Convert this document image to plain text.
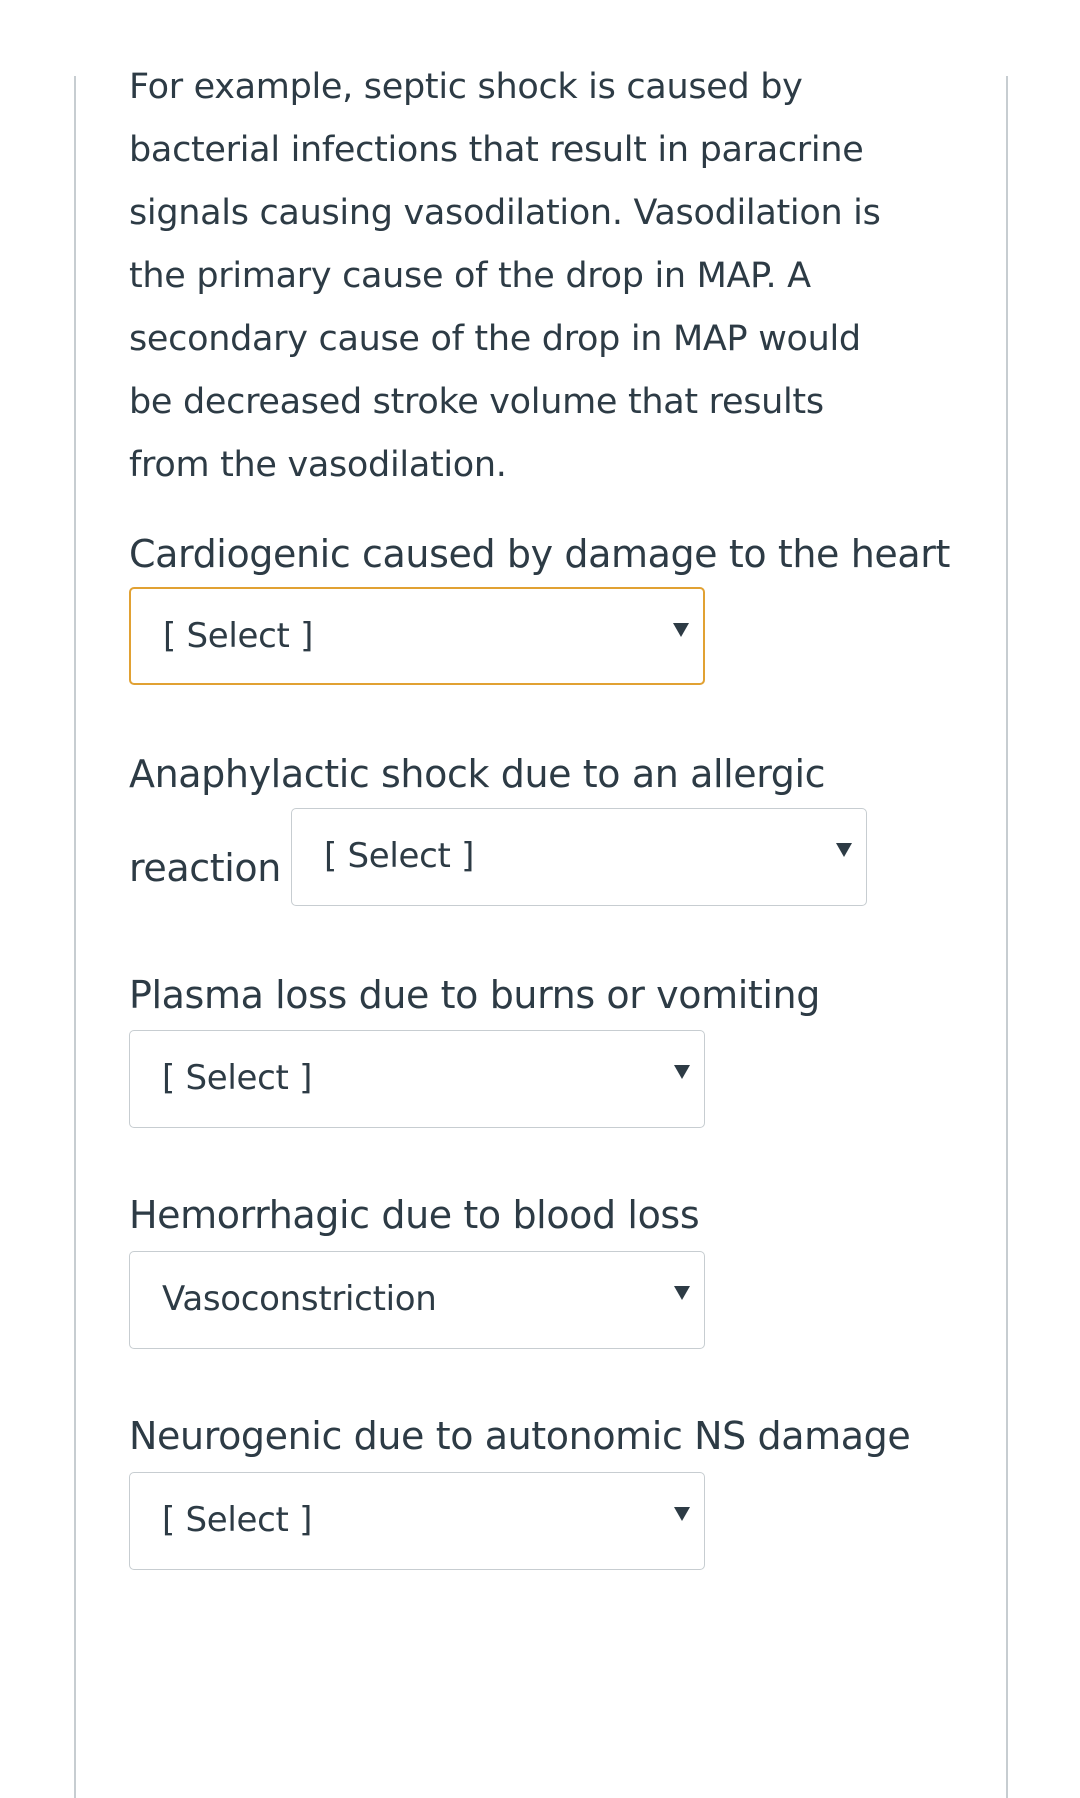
For example, septic shock is caused by
bacterial infections that result in paracrine
signals causing vasodilation. Vasodilation is
the primary cause of the drop in MAP. A
secondary cause of the drop in MAP would
be decreased stroke volume that results
from the vasodilation.

Cardiogenic caused by damage to the heart
[ Select ]
Anaphylactic shock due to an allergic
reaction [ Select ]
Plasma loss due to burns or vomiting
[ Select ]
Hemorrhagic due to blood loss
Vasoconstriction
Neurogenic due to autonomic NS damage
[ Select ]
